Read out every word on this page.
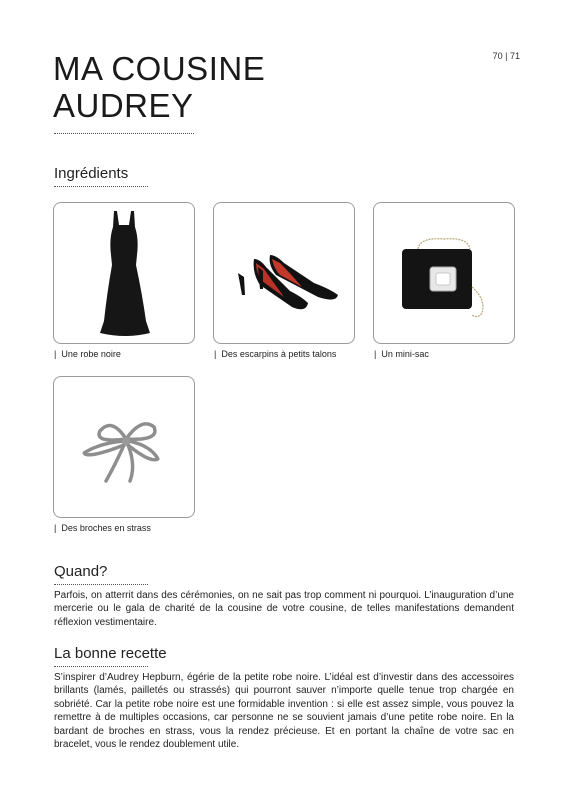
70 | 71
MA COUSINE
AUDREY
Ingrédients
| Une robe noire	| Des escarpins à petits talons	| Un mini-sac
| Des broches en strass
Quand?

Parfois, on atterrit dans des cérémonies, on ne sait pas trop comment ni pourquoi. L’inauguration d’une mercerie ou le gala de charité de la cousine de votre cousine, de telles manifestations demandent réflexion vestimentaire.

La bonne recette

S’inspirer d’Audrey Hepburn, égérie de la petite robe noire. L’idéal est d’investir dans des accessoires brillants (lamés, pailletés ou strassés) qui pourront sauver n’importe quelle tenue trop chargée en sobriété. Car la petite robe noire est une formidable invention : si elle est assez simple, vous pouvez la remettre à de multiples occasions, car personne ne se souvient jamais d’une petite robe noire. En la bardant de broches en strass, vous la rendez précieuse. Et en portant la chaîne de votre sac en bracelet, vous le rendez doublement utile.
